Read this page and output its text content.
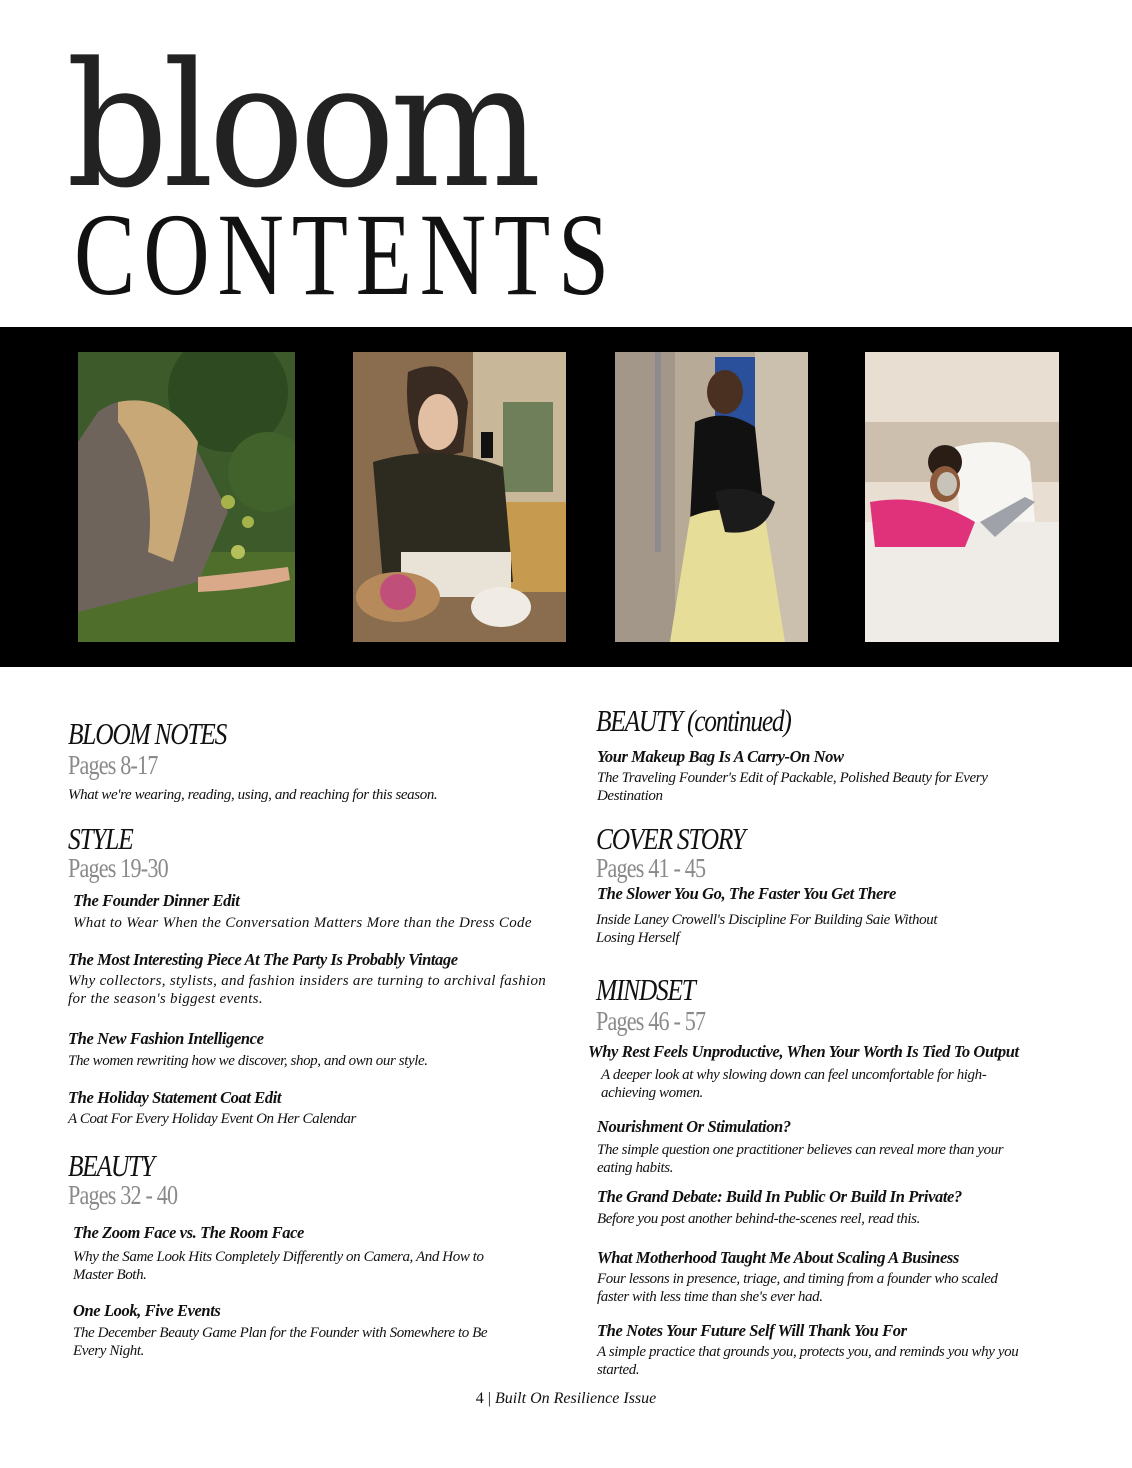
bloom
CONTENTS
BLOOM NOTES
Pages 8-17
What we're wearing, reading, using, and reaching for this season.
STYLE
Pages 19-30
The Founder Dinner Edit
What to Wear When the Conversation Matters More than the Dress Code
The Most Interesting Piece At The Party Is Probably Vintage
Why collectors, stylists, and fashion insiders are turning to archival fashion for the season's biggest events.
The New Fashion Intelligence
The women rewriting how we discover, shop, and own our style.
The Holiday Statement Coat Edit
A Coat For Every Holiday Event On Her Calendar
BEAUTY
Pages 32 - 40
The Zoom Face vs. The Room Face
Why the Same Look Hits Completely Differently on Camera, And How to Master Both.
One Look, Five Events
The December Beauty Game Plan for the Founder with Somewhere to Be Every Night.
BEAUTY (continued)
Your Makeup Bag Is A Carry-On Now
The Traveling Founder's Edit of Packable, Polished Beauty for Every Destination
COVER STORY
Pages 41 - 45
The Slower You Go, The Faster You Get There
Inside Laney Crowell's Discipline For Building Saie Without Losing Herself
MINDSET
Pages 46 - 57
Why Rest Feels Unproductive, When Your Worth Is Tied To Output
A deeper look at why slowing down can feel uncomfortable for high-achieving women.
Nourishment Or Stimulation?
The simple question one practitioner believes can reveal more than your eating habits.
The Grand Debate: Build In Public Or Build In Private?
Before you post another behind-the-scenes reel, read this.
What Motherhood Taught Me About Scaling A Business
Four lessons in presence, triage, and timing from a founder who scaled faster with less time than she's ever had.
The Notes Your Future Self Will Thank You For
A simple practice that grounds you, protects you, and reminds you why you started.
4 | Built On Resilience Issue
